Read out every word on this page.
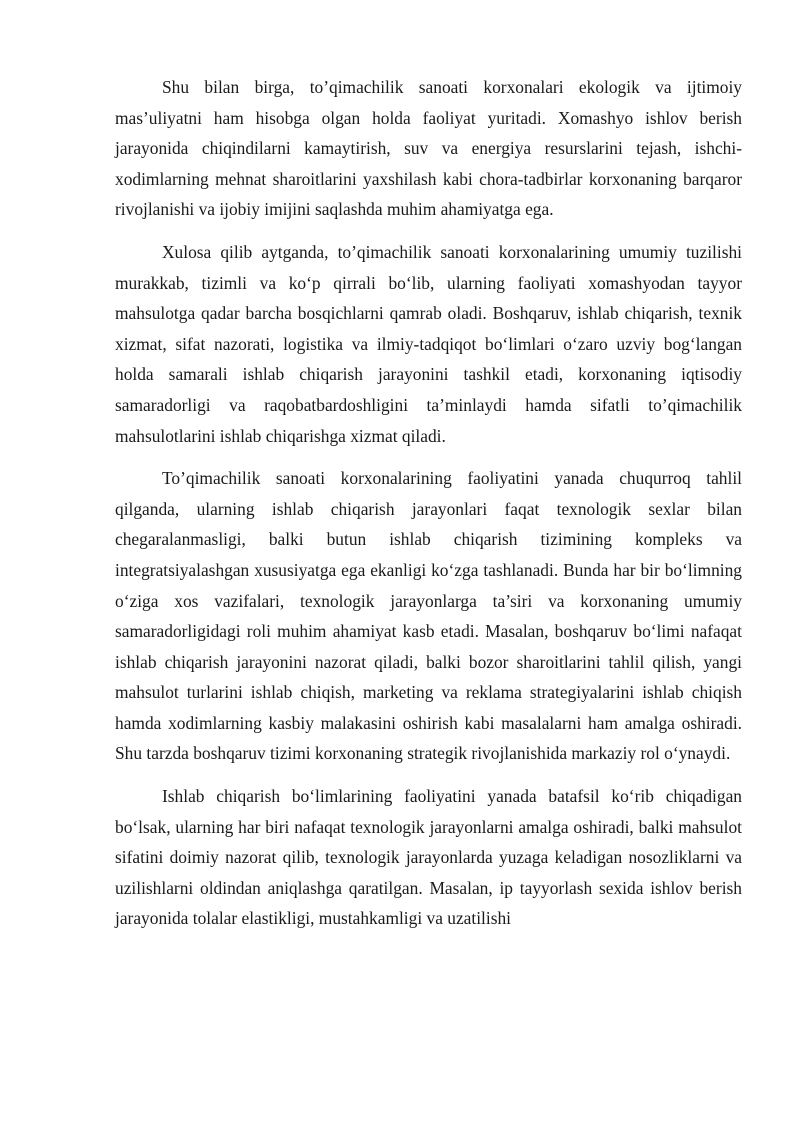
Shu bilan birga, to’qimachilik sanoati korxonalari ekologik va ijtimoiy mas’uliyatni ham hisobga olgan holda faoliyat yuritadi. Xomashyo ishlov berish jarayonida chiqindilarni kamaytirish, suv va energiya resurslarini tejash, ishchi-xodimlarning mehnat sharoitlarini yaxshilash kabi chora-tadbirlar korxonaning barqaror rivojlanishi va ijobiy imijini saqlashda muhim ahamiyatga ega.

Xulosa qilib aytganda, to’qimachilik sanoati korxonalarining umumiy tuzilishi murakkab, tizimli va ko‘p qirrali bo‘lib, ularning faoliyati xomashyodan tayyor mahsulotga qadar barcha bosqichlarni qamrab oladi. Boshqaruv, ishlab chiqarish, texnik xizmat, sifat nazorati, logistika va ilmiy-tadqiqot bo‘limlari o‘zaro uzviy bog‘langan holda samarali ishlab chiqarish jarayonini tashkil etadi, korxonaning iqtisodiy samaradorligi va raqobatbardoshligini ta’minlaydi hamda sifatli to’qimachilik mahsulotlarini ishlab chiqarishga xizmat qiladi.

To’qimachilik sanoati korxonalarining faoliyatini yanada chuqurroq tahlil qilganda, ularning ishlab chiqarish jarayonlari faqat texnologik sexlar bilan chegaralanmasligi, balki butun ishlab chiqarish tizimining kompleks va integratsiyalashgan xususiyatga ega ekanligi ko‘zga tashlanadi. Bunda har bir bo‘limning o‘ziga xos vazifalari, texnologik jarayonlarga ta’siri va korxonaning umumiy samaradorligidagi roli muhim ahamiyat kasb etadi. Masalan, boshqaruv bo‘limi nafaqat ishlab chiqarish jarayonini nazorat qiladi, balki bozor sharoitlarini tahlil qilish, yangi mahsulot turlarini ishlab chiqish, marketing va reklama strategiyalarini ishlab chiqish hamda xodimlarning kasbiy malakasini oshirish kabi masalalarni ham amalga oshiradi. Shu tarzda boshqaruv tizimi korxonaning strategik rivojlanishida markaziy rol o‘ynaydi.

Ishlab chiqarish bo‘limlarining faoliyatini yanada batafsil ko‘rib chiqadigan bo‘lsak, ularning har biri nafaqat texnologik jarayonlarni amalga oshiradi, balki mahsulot sifatini doimiy nazorat qilib, texnologik jarayonlarda yuzaga keladigan nosozliklarni va uzilishlarni oldindan aniqlashga qaratilgan. Masalan, ip tayyorlash sexida ishlov berish jarayonida tolalar elastikligi, mustahkamligi va uzatilishi
